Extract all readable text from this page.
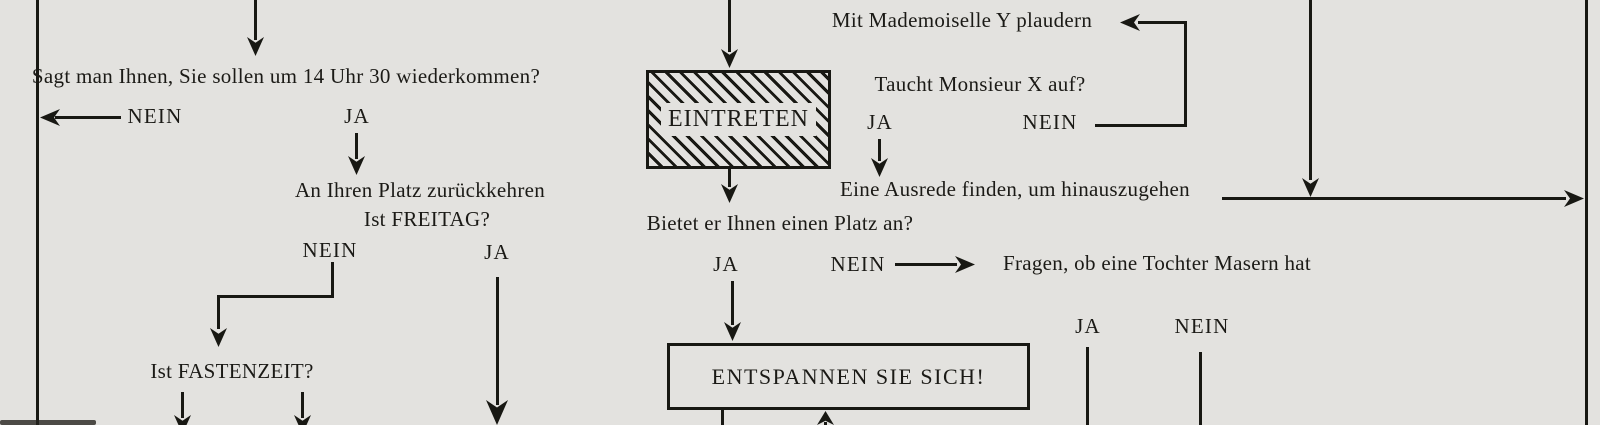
Sagt man Ihnen, Sie sollen um 14 Uhr 30 wiederkommen?
NEIN	JA
An Ihren Platz zurückkehren
Ist FREITAG?
NEIN	JA
Ist FASTENZEIT?
EINTRETEN
Mit Mademoiselle Y plaudern
Taucht Monsieur X auf?
JA	NEIN
Eine Ausrede finden, um hinauszugehen
Bietet er Ihnen einen Platz an?
JA	NEIN	Fragen, ob eine Tochter Masern hat
ENTSPANNEN SIE SICH!
JA	NEIN
